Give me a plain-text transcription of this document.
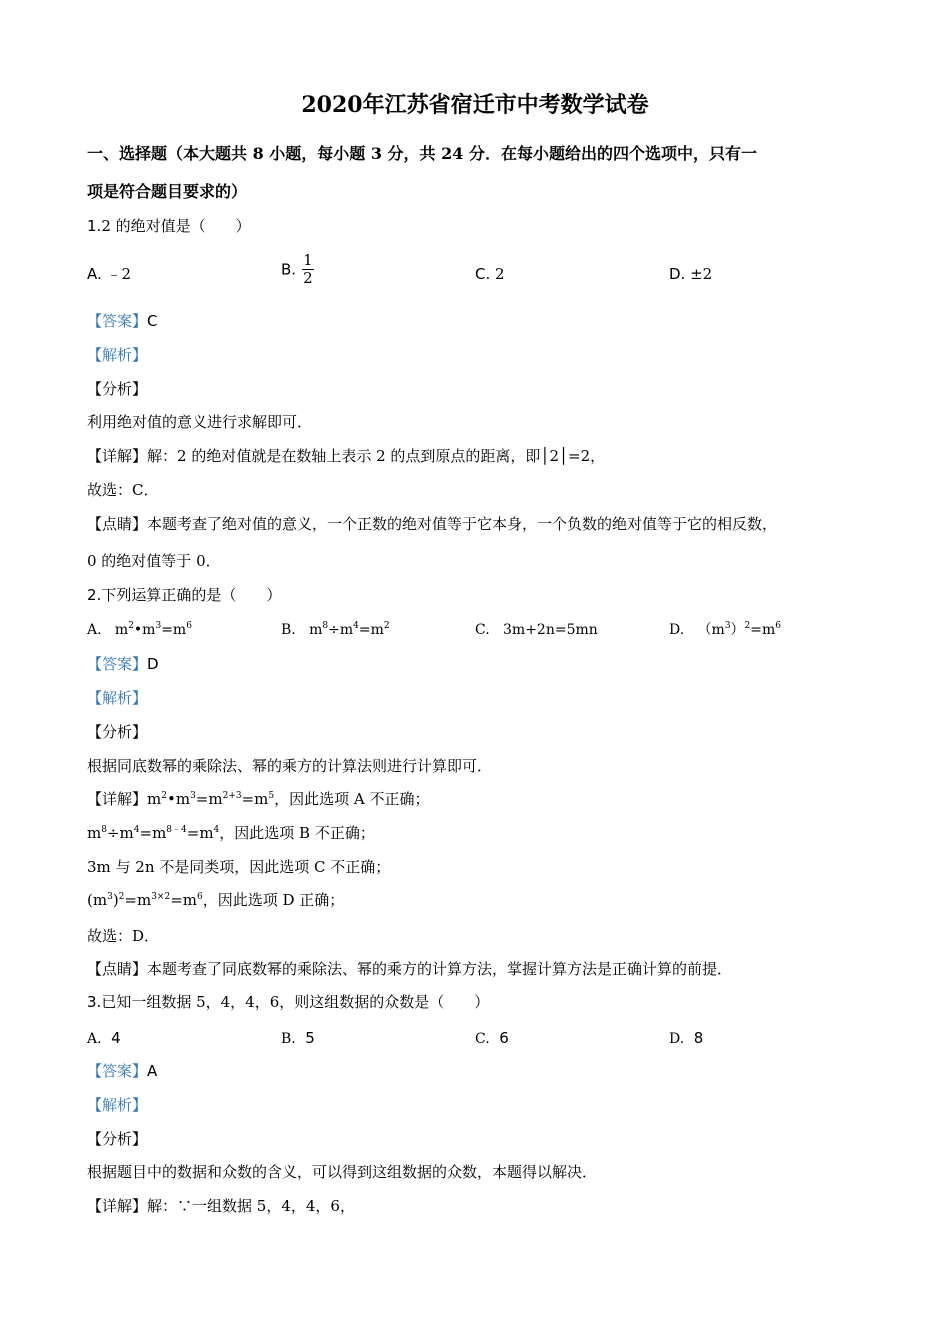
2020年江苏省宿迁市中考数学试卷
一、选择题（本大题共 8 小题，每小题 3 分，共 24 分．在每小题给出的四个选项中，只有一
项是符合题目要求的）
1.2 的绝对值是（　　）
A. ﹣2	B. $\frac{1}{2}$	C. 2	D. ±2
【答案】C
【解析】
【分析】
利用绝对值的意义进行求解即可．
【详解】解：2 的绝对值就是在数轴上表示 2 的点到原点的距离，即│2│=2，
故选：C．
【点睛】本题考查了绝对值的意义，一个正数的绝对值等于它本身，一个负数的绝对值等于它的相反数，
0 的绝对值等于 0．
2.下列运算正确的是（　　）
A.   $m^2•m^3=m^6$	B.   $m^8\div m^4=m^2$	C.   3m+2n=5mn	D.   $(m^3)^2=m^6$
【答案】D
【解析】
【分析】
根据同底数幂的乘除法、幂的乘方的计算法则进行计算即可．
【详解】$m^2•m^3=m^{2+3}=m^5$，因此选项 A 不正确；
$m^8\div m^4=m^{8﹣4}=m^4$，因此选项 B 不正确；
3m 与 2n 不是同类项，因此选项 C 不正确；
$(m^3)^2=m^{3\times 2}=m^6$，因此选项 D 正确；
故选：D．
【点睛】本题考查了同底数幂的乘除法、幂的乘方的计算方法，掌握计算方法是正确计算的前提．
3.已知一组数据 5，4，4，6，则这组数据的众数是（　　）
A. 4	B. 5	C. 6	D. 8
【答案】A
【解析】
【分析】
根据题目中的数据和众数的含义，可以得到这组数据的众数，本题得以解决．
【详解】解：∵一组数据 5，4，4，6，
